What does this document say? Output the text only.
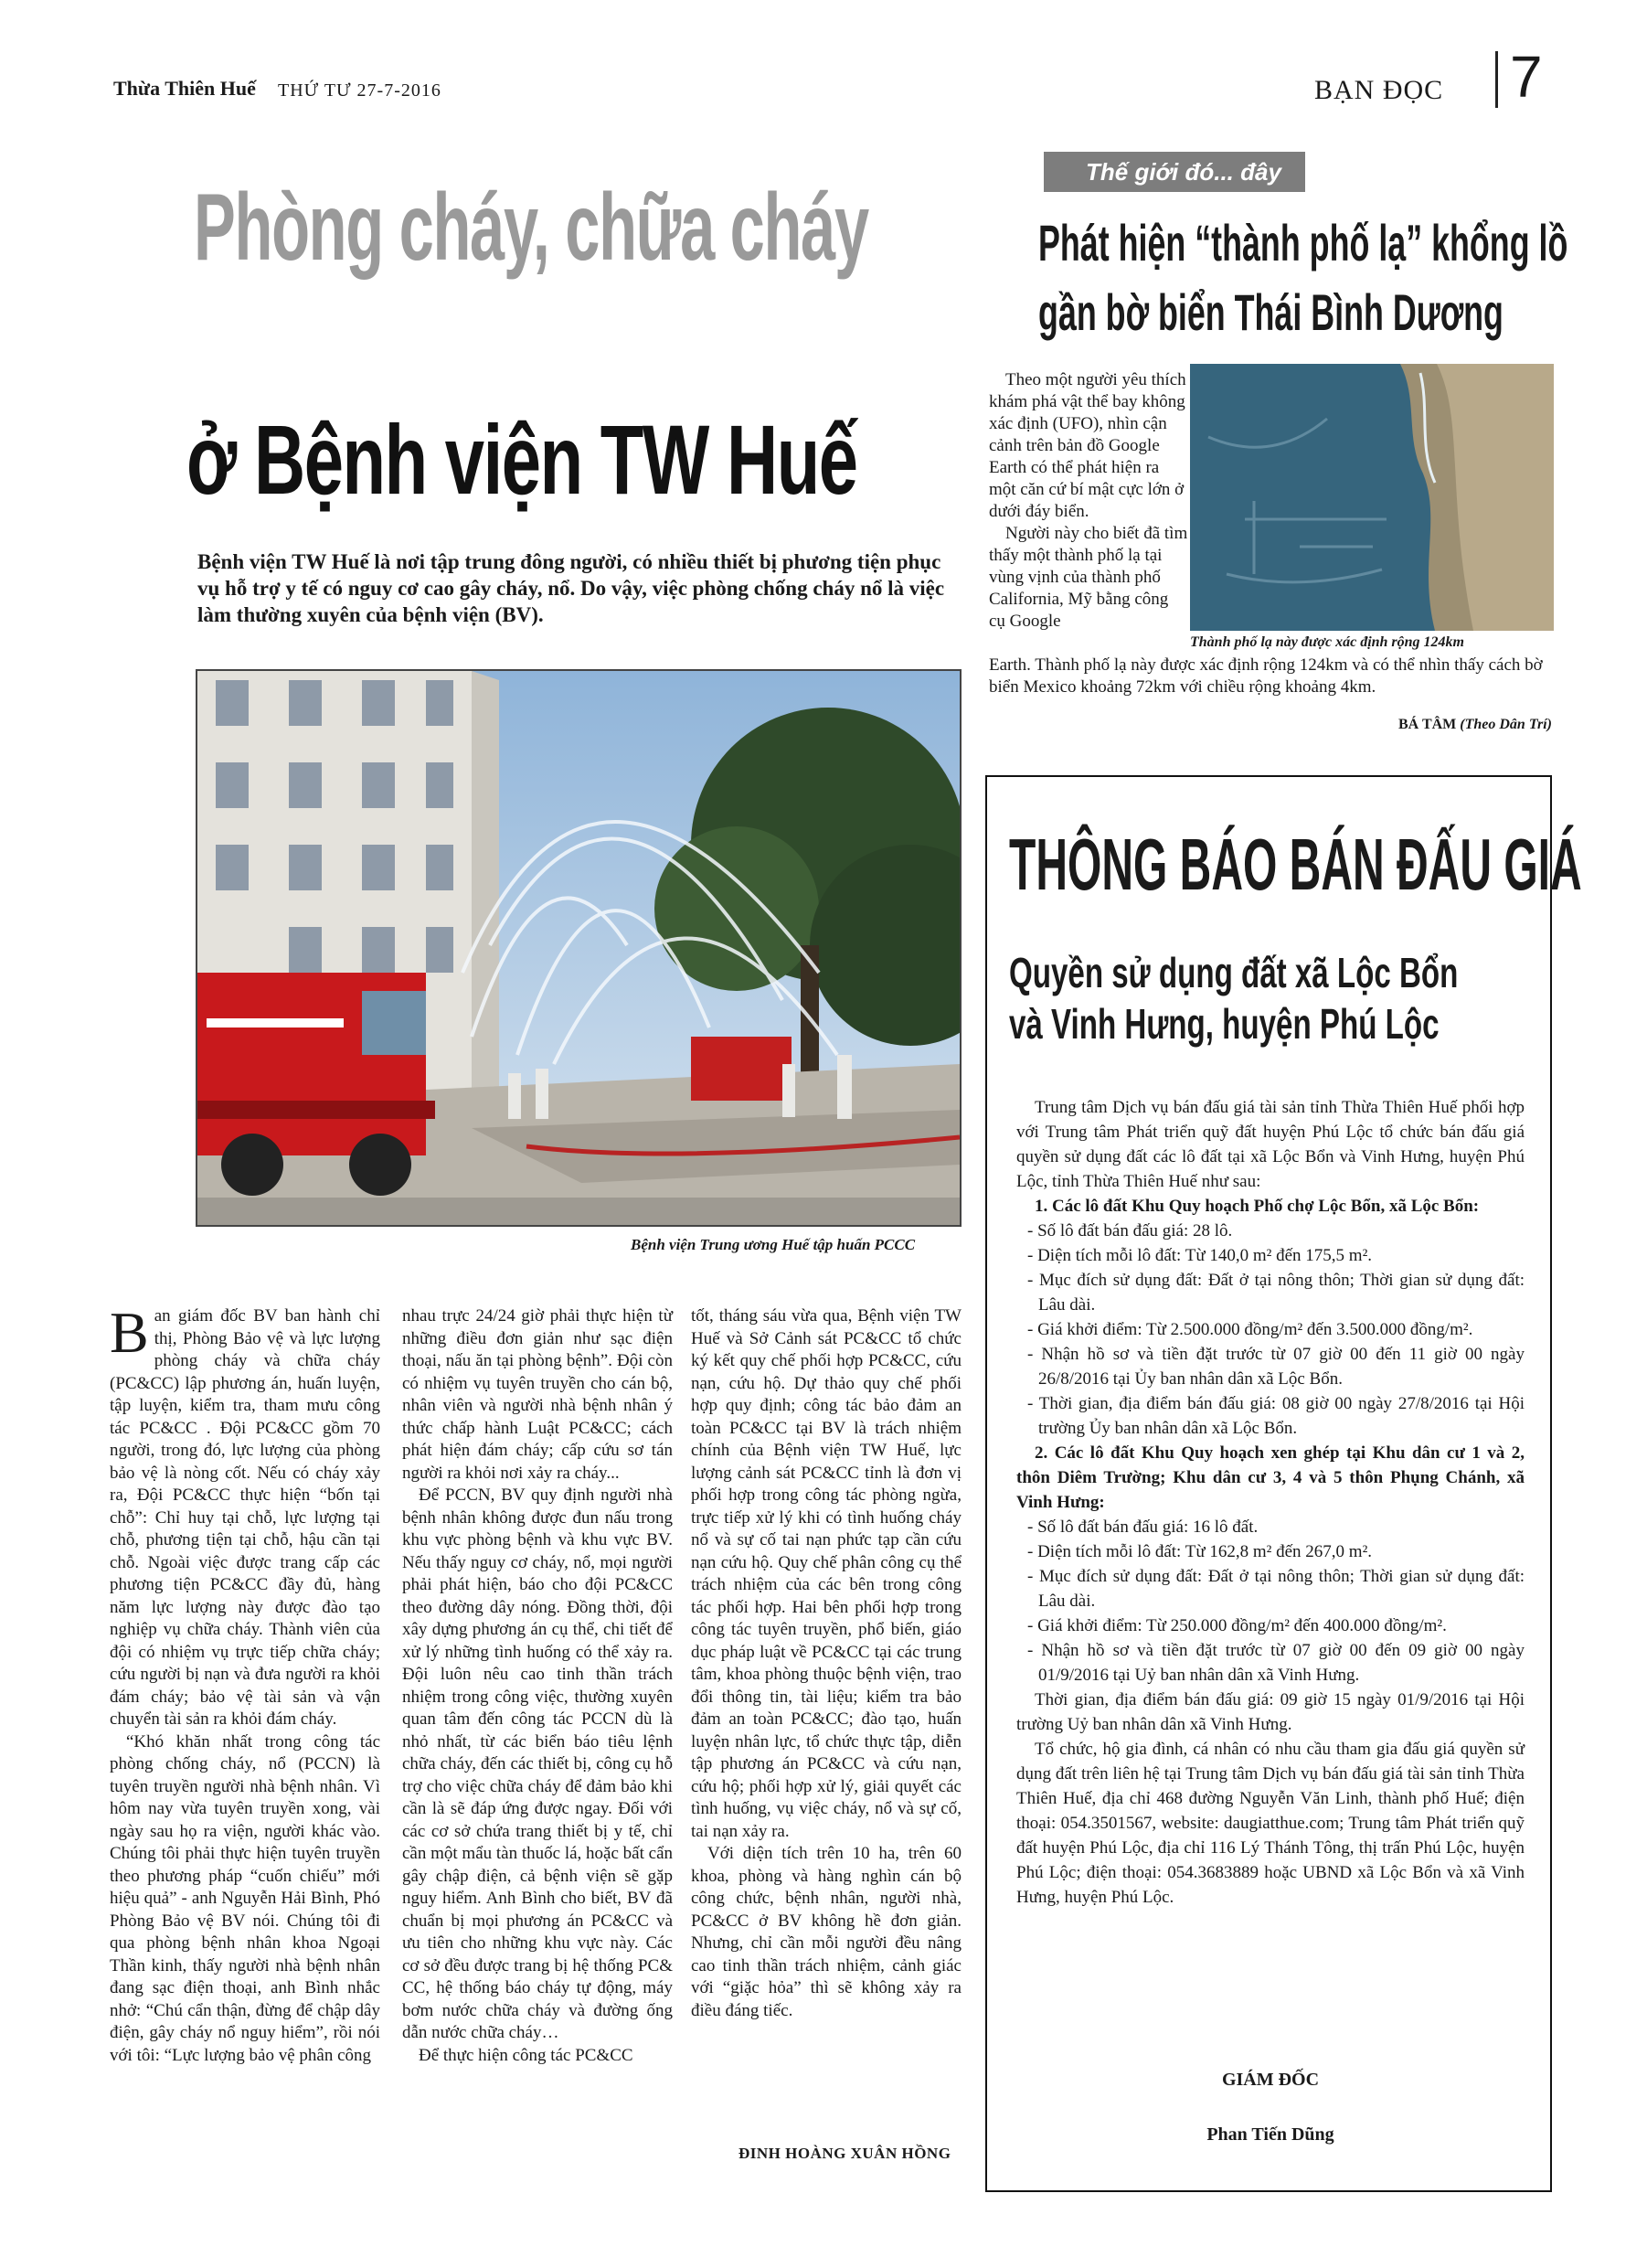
Thừa Thiên Huế THỨ TƯ 27-7-2016	BẠN ĐỌC 7
Phòng cháy, chữa cháy
ở Bệnh viện TW Huế
Bệnh viện TW Huế là nơi tập trung đông người, có nhiều thiết bị phương tiện phục vụ hỗ trợ y tế có nguy cơ cao gây cháy, nổ. Do vậy, việc phòng chống cháy nổ là việc làm thường xuyên của bệnh viện (BV).
Bệnh viện Trung ương Huế tập huấn PCCC

Ban giám đốc BV ban hành chỉ thị, Phòng Bảo vệ và lực lượng phòng cháy và chữa cháy (PC&CC) lập phương án, huấn luyện, tập luyện, kiểm tra, tham mưu công tác PC&CC . Đội PC&CC gồm 70 người, trong đó, lực lượng của phòng bảo vệ là nòng cốt. Nếu có cháy xảy ra, Đội PC&CC thực hiện “bốn tại chỗ”: Chỉ huy tại chỗ, lực lượng tại chỗ, phương tiện tại chỗ, hậu cần tại chỗ. Ngoài việc được trang cấp các phương tiện PC&CC đầy đủ, hàng năm lực lượng này được đào tạo nghiệp vụ chữa cháy. Thành viên của đội có nhiệm vụ trực tiếp chữa cháy; cứu người bị nạn và đưa người ra khỏi đám cháy; bảo vệ tài sản và vận chuyển tài sản ra khỏi đám cháy.

“Khó khăn nhất trong công tác phòng chống cháy, nổ (PCCN) là tuyên truyền người nhà bệnh nhân. Vì hôm nay vừa tuyên truyền xong, vài ngày sau họ ra viện, người khác vào. Chúng tôi phải thực hiện tuyên truyền theo phương pháp “cuốn chiếu” mới hiệu quả” - anh Nguyễn Hải Bình, Phó Phòng Bảo vệ BV nói. Chúng tôi đi qua phòng bệnh nhân khoa Ngoại Thần kinh, thấy người nhà bệnh nhân đang sạc điện thoại, anh Bình nhắc nhở: “Chú cẩn thận, đừng để chập dây điện, gây cháy nổ nguy hiểm”, rồi nói với tôi: “Lực lượng bảo vệ phân công

nhau trực 24/24 giờ phải thực hiện từ những điều đơn giản như sạc điện thoại, nấu ăn tại phòng bệnh”. Đội còn có nhiệm vụ tuyên truyền cho cán bộ, nhân viên và người nhà bệnh nhân ý thức chấp hành Luật PC&CC; cách phát hiện đám cháy; cấp cứu sơ tán người ra khỏi nơi xảy ra cháy...

Để PCCN, BV quy định người nhà bệnh nhân không được đun nấu trong khu vực phòng bệnh và khu vực BV. Nếu thấy nguy cơ cháy, nổ, mọi người phải phát hiện, báo cho đội PC&CC theo đường dây nóng. Đồng thời, đội xây dựng phương án cụ thể, chi tiết để xử lý những tình huống có thể xảy ra. Đội luôn nêu cao tinh thần trách nhiệm trong công việc, thường xuyên quan tâm đến công tác PCCN dù là nhỏ nhất, từ các biển báo tiêu lệnh chữa cháy, đến các thiết bị, công cụ hỗ trợ cho việc chữa cháy để đảm bảo khi cần là sẽ đáp ứng được ngay. Đối với các cơ sở chứa trang thiết bị y tế, chỉ cần một mẩu tàn thuốc lá, hoặc bất cẩn gây chập điện, cả bệnh viện sẽ gặp nguy hiểm. Anh Bình cho biết, BV đã chuẩn bị mọi phương án PC&CC và ưu tiên cho những khu vực này. Các cơ sở đều được trang bị hệ thống PC& CC, hệ thống báo cháy tự động, máy bơm nước chữa cháy và đường ống dẫn nước chữa cháy…

Để thực hiện công tác PC&CC

tốt, tháng sáu vừa qua, Bệnh viện TW Huế và Sở Cảnh sát PC&CC tổ chức ký kết quy chế phối hợp PC&CC, cứu nạn, cứu hộ. Dự thảo quy chế phối hợp quy định; công tác bảo đảm an toàn PC&CC tại BV là trách nhiệm chính của Bệnh viện TW Huế, lực lượng cảnh sát PC&CC tỉnh là đơn vị phối hợp trong công tác phòng ngừa, trực tiếp xử lý khi có tình huống cháy nổ và sự cố tai nạn phức tạp cần cứu nạn cứu hộ. Quy chế phân công cụ thể trách nhiệm của các bên trong công tác phối hợp. Hai bên phối hợp trong công tác tuyên truyền, phổ biến, giáo dục pháp luật về PC&CC tại các trung tâm, khoa phòng thuộc bệnh viện, trao đổi thông tin, tài liệu; kiểm tra bảo đảm an toàn PC&CC; đào tạo, huấn luyện nhân lực, tổ chức thực tập, diễn tập phương án PC&CC và cứu nạn, cứu hộ; phối hợp xử lý, giải quyết các tình huống, vụ việc cháy, nổ và sự cố, tai nạn xảy ra.

Với diện tích trên 10 ha, trên 60 khoa, phòng và hàng nghìn cán bộ công chức, bệnh nhân, người nhà, PC&CC ở BV không hề đơn giản. Nhưng, chỉ cần mỗi người đều nâng cao tinh thần trách nhiệm, cảnh giác với “giặc hỏa” thì sẽ không xảy ra điều đáng tiếc.

ĐINH HOÀNG XUÂN HỒNG
Thế giới đó... đây
Phát hiện “thành phố lạ” khổng lồ
gần bờ biển Thái Bình Dương

Theo một người yêu thích khám phá vật thể bay không xác định (UFO), nhìn cận cảnh trên bản đồ Google Earth có thể phát hiện ra một căn cứ bí mật cực lớn ở dưới đáy biển.

Người này cho biết đã tìm thấy một thành phố lạ tại vùng vịnh của thành phố California, Mỹ bằng công cụ Google

Thành phố lạ này được xác định rộng 124km
Earth. Thành phố lạ này được xác định rộng 124km và có thể nhìn thấy cách bờ biển Mexico khoảng 72km với chiều rộng khoảng 4km.
BÁ TÂM (Theo Dân Trí)
THÔNG BÁO BÁN ĐẤU GIÁ
Quyền sử dụng đất xã Lộc Bổn
và Vinh Hưng, huyện Phú Lộc

Trung tâm Dịch vụ bán đấu giá tài sản tỉnh Thừa Thiên Huế phối hợp với Trung tâm Phát triển quỹ đất huyện Phú Lộc tổ chức bán đấu giá quyền sử dụng đất các lô đất tại xã Lộc Bổn và Vinh Hưng, huyện Phú Lộc, tỉnh Thừa Thiên Huế như sau:

1. Các lô đất Khu Quy hoạch Phố chợ Lộc Bổn, xã Lộc Bổn:

- Số lô đất bán đấu giá: 28 lô.

- Diện tích mỗi lô đất: Từ 140,0 m² đến 175,5 m².

- Mục đích sử dụng đất: Đất ở tại nông thôn; Thời gian sử dụng đất: Lâu dài.

- Giá khởi điểm: Từ 2.500.000 đồng/m² đến 3.500.000 đồng/m².

- Nhận hồ sơ và tiền đặt trước từ 07 giờ 00 đến 11 giờ 00 ngày 26/8/2016 tại Ủy ban nhân dân xã Lộc Bổn.

- Thời gian, địa điểm bán đấu giá: 08 giờ 00 ngày 27/8/2016 tại Hội trường Ủy ban nhân dân xã Lộc Bổn.

2. Các lô đất Khu Quy hoạch xen ghép tại Khu dân cư 1 và 2, thôn Diêm Trường; Khu dân cư 3, 4 và 5 thôn Phụng Chánh, xã Vinh Hưng:

- Số lô đất bán đấu giá: 16 lô đất.

- Diện tích mỗi lô đất: Từ 162,8 m² đến 267,0 m².

- Mục đích sử dụng đất: Đất ở tại nông thôn; Thời gian sử dụng đất: Lâu dài.

- Giá khởi điểm: Từ 250.000 đồng/m² đến 400.000 đồng/m².

- Nhận hồ sơ và tiền đặt trước từ 07 giờ 00 đến 09 giờ 00 ngày 01/9/2016 tại Uỷ ban nhân dân xã Vinh Hưng.

Thời gian, địa điểm bán đấu giá: 09 giờ 15 ngày 01/9/2016 tại Hội trường Uỷ ban nhân dân xã Vinh Hưng.

Tổ chức, hộ gia đình, cá nhân có nhu cầu tham gia đấu giá quyền sử dụng đất trên liên hệ tại Trung tâm Dịch vụ bán đấu giá tài sản tỉnh Thừa Thiên Huế, địa chỉ 468 đường Nguyễn Văn Linh, thành phố Huế; điện thoại: 054.3501567, website: daugiatthue.com; Trung tâm Phát triển quỹ đất huyện Phú Lộc, địa chỉ 116 Lý Thánh Tông, thị trấn Phú Lộc, huyện Phú Lộc; điện thoại: 054.3683889 hoặc UBND xã Lộc Bổn và xã Vinh Hưng, huyện Phú Lộc.

GIÁM ĐỐC
Phan Tiến Dũng
